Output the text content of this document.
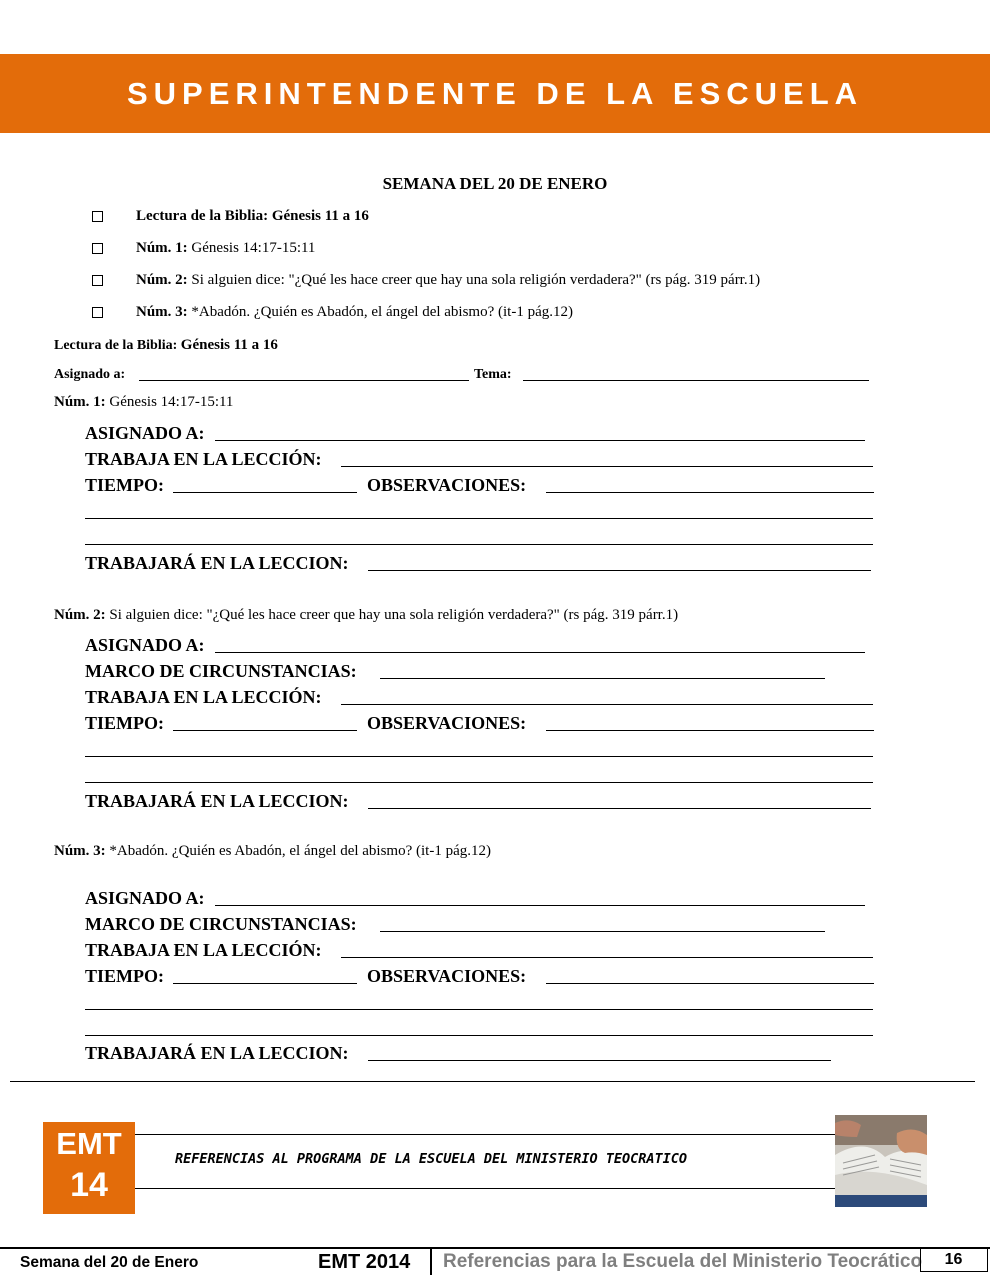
SUPERINTENDENTE DE LA ESCUELA
SEMANA DEL 20 DE ENERO
Lectura de la Biblia: Génesis 11 a 16
Núm. 1: Génesis 14:17-15:11
Núm. 2: Si alguien dice: "¿Qué les hace creer que hay una sola religión verdadera?" (rs pág. 319 párr.1)
Núm. 3: *Abadón. ¿Quién es Abadón, el ángel del abismo? (it-1 pág.12)
Lectura de la Biblia: Génesis 11 a 16
Asignado a:	Tema:
Núm. 1: Génesis 14:17-15:11
ASIGNADO A:
TRABAJA EN LA LECCIÓN:
TIEMPO:	OBSERVACIONES:
TRABAJARÁ EN LA LECCION:
Núm. 2: Si alguien dice: "¿Qué les hace creer que hay una sola religión verdadera?" (rs pág. 319 párr.1)
ASIGNADO A:
MARCO DE CIRCUNSTANCIAS:
TRABAJA EN LA LECCIÓN:
TIEMPO:	OBSERVACIONES:
TRABAJARÁ EN LA LECCION:
Núm. 3: *Abadón. ¿Quién es Abadón, el ángel del abismo? (it-1 pág.12)
ASIGNADO A:
MARCO DE CIRCUNSTANCIAS:
TRABAJA EN LA LECCIÓN:
TIEMPO:	OBSERVACIONES:
TRABAJARÁ EN LA LECCION:
EMT
14
REFERENCIAS AL PROGRAMA DE LA ESCUELA DEL MINISTERIO TEOCRATICO
Semana del 20 de Enero	EMT 2014 Referencias para la Escuela del Ministerio Teocrático	16
